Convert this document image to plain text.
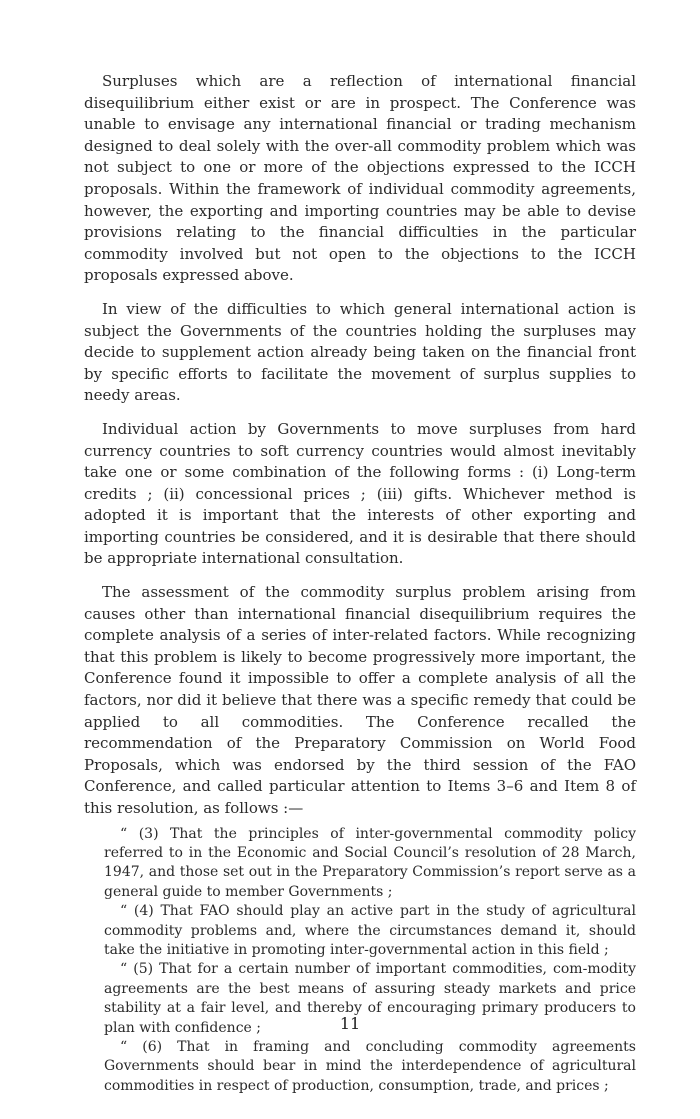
Surpluses which are a reflection of international financial disequilibrium either exist or are in prospect. The Conference was unable to envisage any international financial or trading mechanism designed to deal solely with the over-all commodity problem which was not subject to one or more of the objections expressed to the ICCH proposals. Within the framework of individual commodity agreements, however, the exporting and importing countries may be able to devise provisions relating to the financial difficulties in the particular commodity involved but not open to the objections to the ICCH proposals expressed above.

In view of the difficulties to which general international action is subject the Governments of the countries holding the surpluses may decide to supplement action already being taken on the financial front by specific efforts to facilitate the movement of surplus supplies to needy areas.

Individual action by Governments to move surpluses from hard currency countries to soft currency countries would almost inevitably take one or some combination of the following forms : (i) Long-term credits ; (ii) concessional prices ; (iii) gifts. Whichever method is adopted it is important that the interests of other exporting and importing countries be considered, and it is desirable that there should be appropriate international consultation.

The assessment of the commodity surplus problem arising from causes other than international financial disequilibrium requires the complete analysis of a series of inter-related factors. While recognizing that this problem is likely to become progressively more important, the Conference found it impossible to offer a complete analysis of all the factors, nor did it believe that there was a specific remedy that could be applied to all commodities. The Conference recalled the recommendation of the Preparatory Commission on World Food Proposals, which was endorsed by the third session of the FAO Conference, and called particular attention to Items 3–6 and Item 8 of this resolution, as follows :—

“ (3) That the principles of inter-governmental commodity policy referred to in the Economic and Social Council’s resolution of 28 March, 1947, and those set out in the Preparatory Commission’s report serve as a general guide to member Governments ;

“ (4) That FAO should play an active part in the study of agricultural commodity problems and, where the circumstances demand it, should take the initiative in promoting inter-governmental action in this field ;

“ (5) That for a certain number of important commodities, com-modity agreements are the best means of assuring steady markets and price stability at a fair level, and thereby of encouraging primary producers to plan with confidence ;

“ (6) That in framing and concluding commodity agreements Governments should bear in mind the interdependence of agricultural commodities in respect of production, consumption, trade, and prices ;

11
